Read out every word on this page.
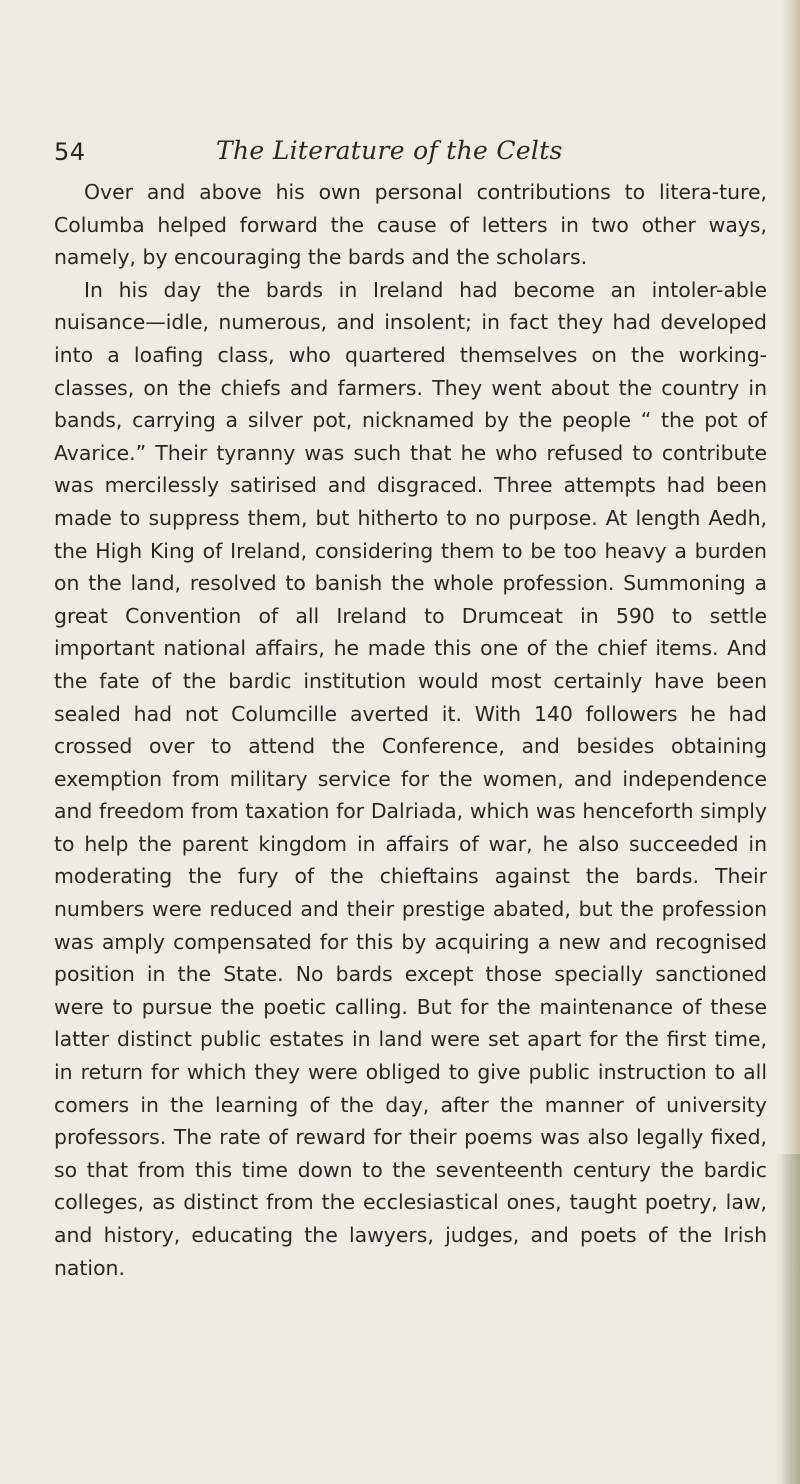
54	The Literature of the Celts

Over and above his own personal contributions to litera-ture, Columba helped forward the cause of letters in two other ways, namely, by encouraging the bards and the scholars.

In his day the bards in Ireland had become an intoler-able nuisance—idle, numerous, and insolent; in fact they had developed into a loafing class, who quartered themselves on the working-classes, on the chiefs and farmers. They went about the country in bands, carrying a silver pot, nicknamed by the people “ the pot of Avarice.” Their tyranny was such that he who refused to contribute was mercilessly satirised and disgraced. Three attempts had been made to suppress them, but hitherto to no purpose. At length Aedh, the High King of Ireland, considering them to be too heavy a burden on the land, resolved to banish the whole profession. Summoning a great Convention of all Ireland to Drumceat in 590 to settle important national affairs, he made this one of the chief items. And the fate of the bardic institution would most certainly have been sealed had not Columcille averted it. With 140 followers he had crossed over to attend the Conference, and besides obtaining exemption from military service for the women, and independence and freedom from taxation for Dalriada, which was henceforth simply to help the parent kingdom in affairs of war, he also succeeded in moderating the fury of the chieftains against the bards. Their numbers were reduced and their prestige abated, but the profession was amply compensated for this by acquiring a new and recognised position in the State. No bards except those specially sanctioned were to pursue the poetic calling. But for the maintenance of these latter distinct public estates in land were set apart for the first time, in return for which they were obliged to give public instruction to all comers in the learning of the day, after the manner of university professors. The rate of reward for their poems was also legally fixed, so that from this time down to the seventeenth century the bardic colleges, as distinct from the ecclesiastical ones, taught poetry, law, and history, educating the lawyers, judges, and poets of the Irish nation.
